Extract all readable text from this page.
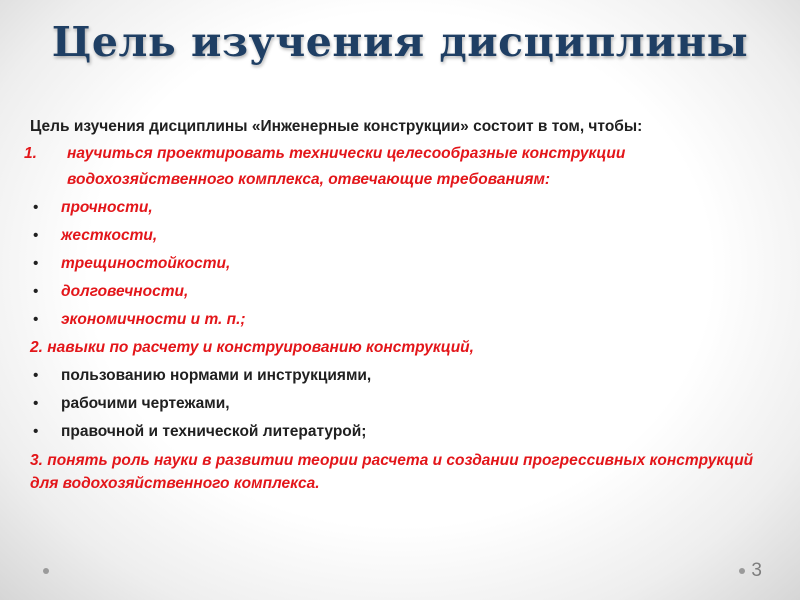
Цель изучения дисциплины
Цель изучения дисциплины «Инженерные конструкции» состоит в том, чтобы:
1.	научиться проектировать технически целесообразные конструкции водохозяйственного комплекса, отвечающие требованиям:
• прочности,
• жесткости,
• трещиностойкости,
• долговечности,
• экономичности и т. п.;
2. навыки по расчету и конструированию конструкций,
• пользованию нормами и инструкциями,
• рабочими чертежами,
• правочной и технической литературой;
3. понять роль науки в развитии теории расчета и создании прогрессивных конструкций для водохозяйственного комплекса.
3
